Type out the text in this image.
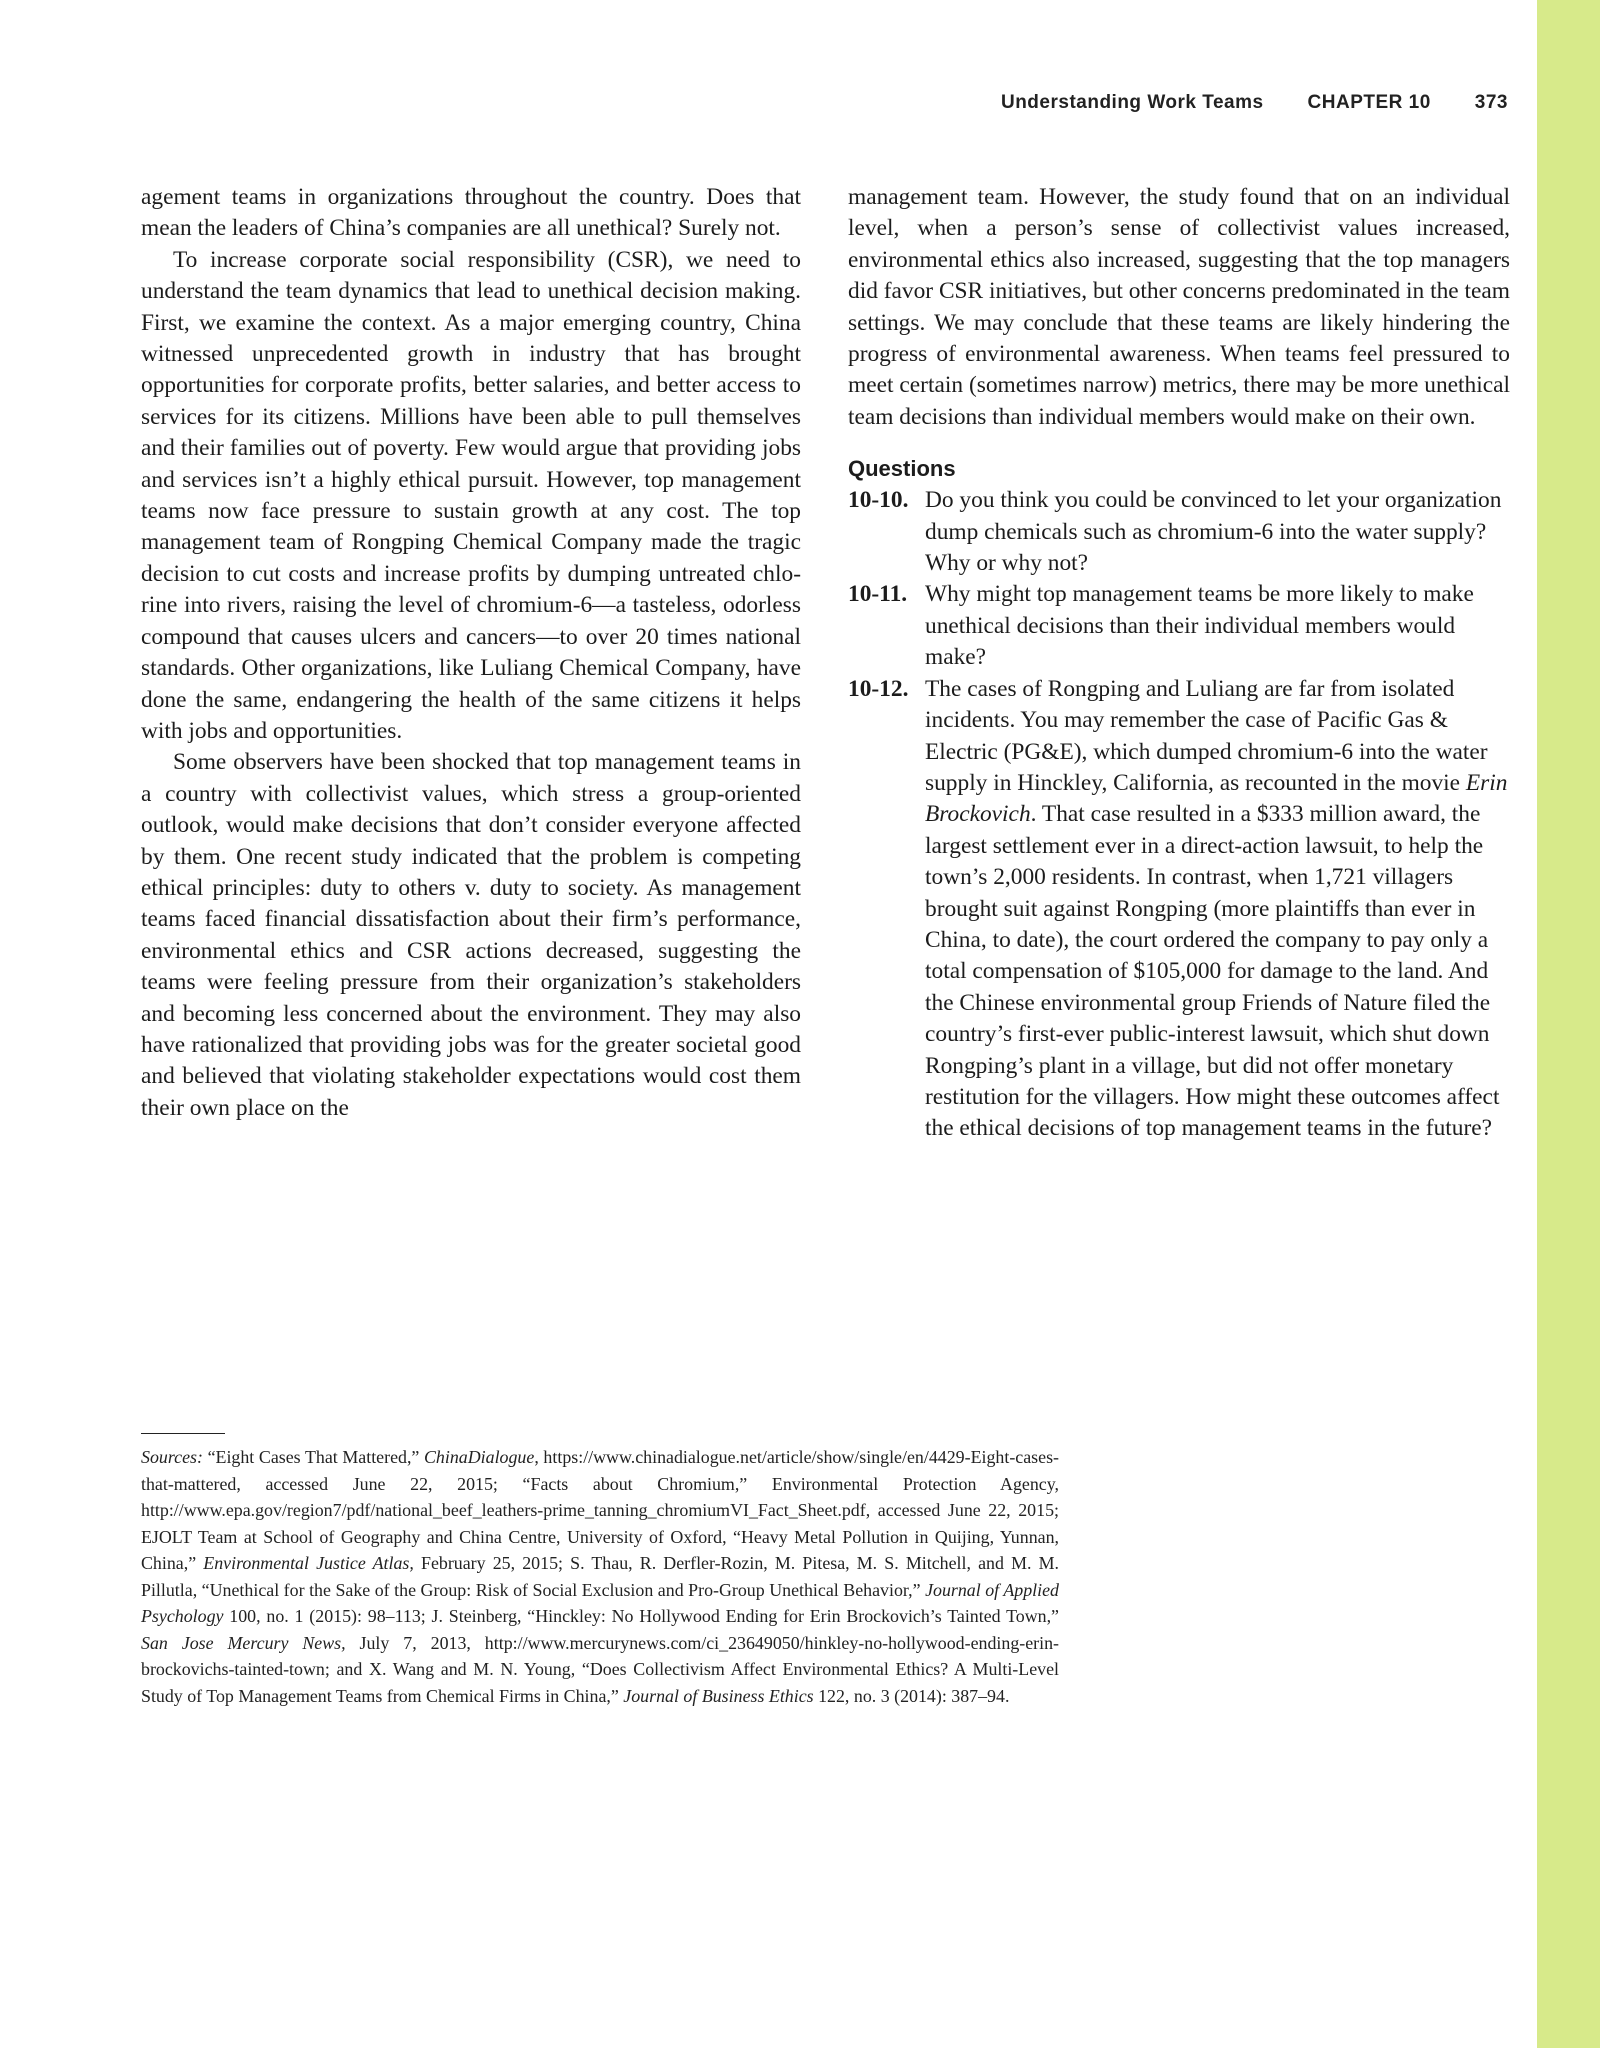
Understanding Work Teams CHAPTER 10 373

agement teams in organizations throughout the country. Does that mean the leaders of China’s companies are all unethical? Surely not.

To increase corporate social responsibility (CSR), we need to understand the team dynamics that lead to unethical decision making. First, we examine the context. As a major emerging country, China witnessed unprecedented growth in industry that has brought opportunities for corporate profits, better salaries, and better access to services for its citizens. Millions have been able to pull themselves and their families out of poverty. Few would argue that providing jobs and services isn’t a highly ethical pursuit. However, top management teams now face pressure to sustain growth at any cost. The top management team of Rongping Chemical Company made the tragic decision to cut costs and increase profits by dumping untreated chlorine into rivers, raising the level of chromium-6—a tasteless, odorless compound that causes ulcers and cancers—to over 20 times national standards. Other organizations, like Luliang Chemical Company, have done the same, endangering the health of the same citizens it helps with jobs and opportunities.

Some observers have been shocked that top management teams in a country with collectivist values, which stress a group-oriented outlook, would make decisions that don’t consider everyone affected by them. One recent study indicated that the problem is competing ethical principles: duty to others v. duty to society. As management teams faced financial dissatisfaction about their firm’s performance, environmental ethics and CSR actions decreased, suggesting the teams were feeling pressure from their organization’s stakeholders and becoming less concerned about the environment. They may also have rationalized that providing jobs was for the greater societal good and believed that violating stakeholder expectations would cost them their own place on the

management team. However, the study found that on an individual level, when a person’s sense of collectivist values increased, environmental ethics also increased, suggesting that the top managers did favor CSR initiatives, but other concerns predominated in the team settings. We may conclude that these teams are likely hindering the progress of environmental awareness. When teams feel pressured to meet certain (sometimes narrow) metrics, there may be more unethical team decisions than individual members would make on their own.

Questions
10-10. Do you think you could be convinced to let your organization dump chemicals such as chromium-6 into the water supply? Why or why not?
10-11. Why might top management teams be more likely to make unethical decisions than their individual members would make?
10-12. The cases of Rongping and Luliang are far from isolated incidents. You may remember the case of Pacific Gas & Electric (PG&E), which dumped chromium-6 into the water supply in Hinckley, California, as recounted in the movie Erin Brockovich. That case resulted in a $333 million award, the largest settlement ever in a direct-action lawsuit, to help the town’s 2,000 residents. In contrast, when 1,721 villagers brought suit against Rongping (more plaintiffs than ever in China, to date), the court ordered the company to pay only a total compensation of $105,000 for damage to the land. And the Chinese environmental group Friends of Nature filed the country’s first-ever public-interest lawsuit, which shut down Rongping’s plant in a village, but did not offer monetary restitution for the villagers. How might these outcomes affect the ethical decisions of top management teams in the future?

Sources: “Eight Cases That Mattered,” ChinaDialogue, https://www.chinadialogue.net/article/show/single/en/4429-Eight-cases-that-mattered, accessed June 22, 2015; “Facts about Chromium,” Environmental Protection Agency, http://www.epa.gov/region7/pdf/national_beef_leathers-prime_tanning_chromiumVI_Fact_Sheet.pdf, accessed June 22, 2015; EJOLT Team at School of Geography and China Centre, University of Oxford, “Heavy Metal Pollution in Quijing, Yunnan, China,” Environmental Justice Atlas, February 25, 2015; S. Thau, R. Derfler-Rozin, M. Pitesa, M. S. Mitchell, and M. M. Pillutla, “Unethical for the Sake of the Group: Risk of Social Exclusion and Pro-Group Unethical Behavior,” Journal of Applied Psychology 100, no. 1 (2015): 98–113; J. Steinberg, “Hinckley: No Hollywood Ending for Erin Brockovich’s Tainted Town,” San Jose Mercury News, July 7, 2013, http://www.mercurynews.com/ci_23649050/hinkley-no-hollywood-ending-erin-brockovichs-tainted-town; and X. Wang and M. N. Young, “Does Collectivism Affect Environmental Ethics? A Multi-Level Study of Top Management Teams from Chemical Firms in China,” Journal of Business Ethics 122, no. 3 (2014): 387–94.
